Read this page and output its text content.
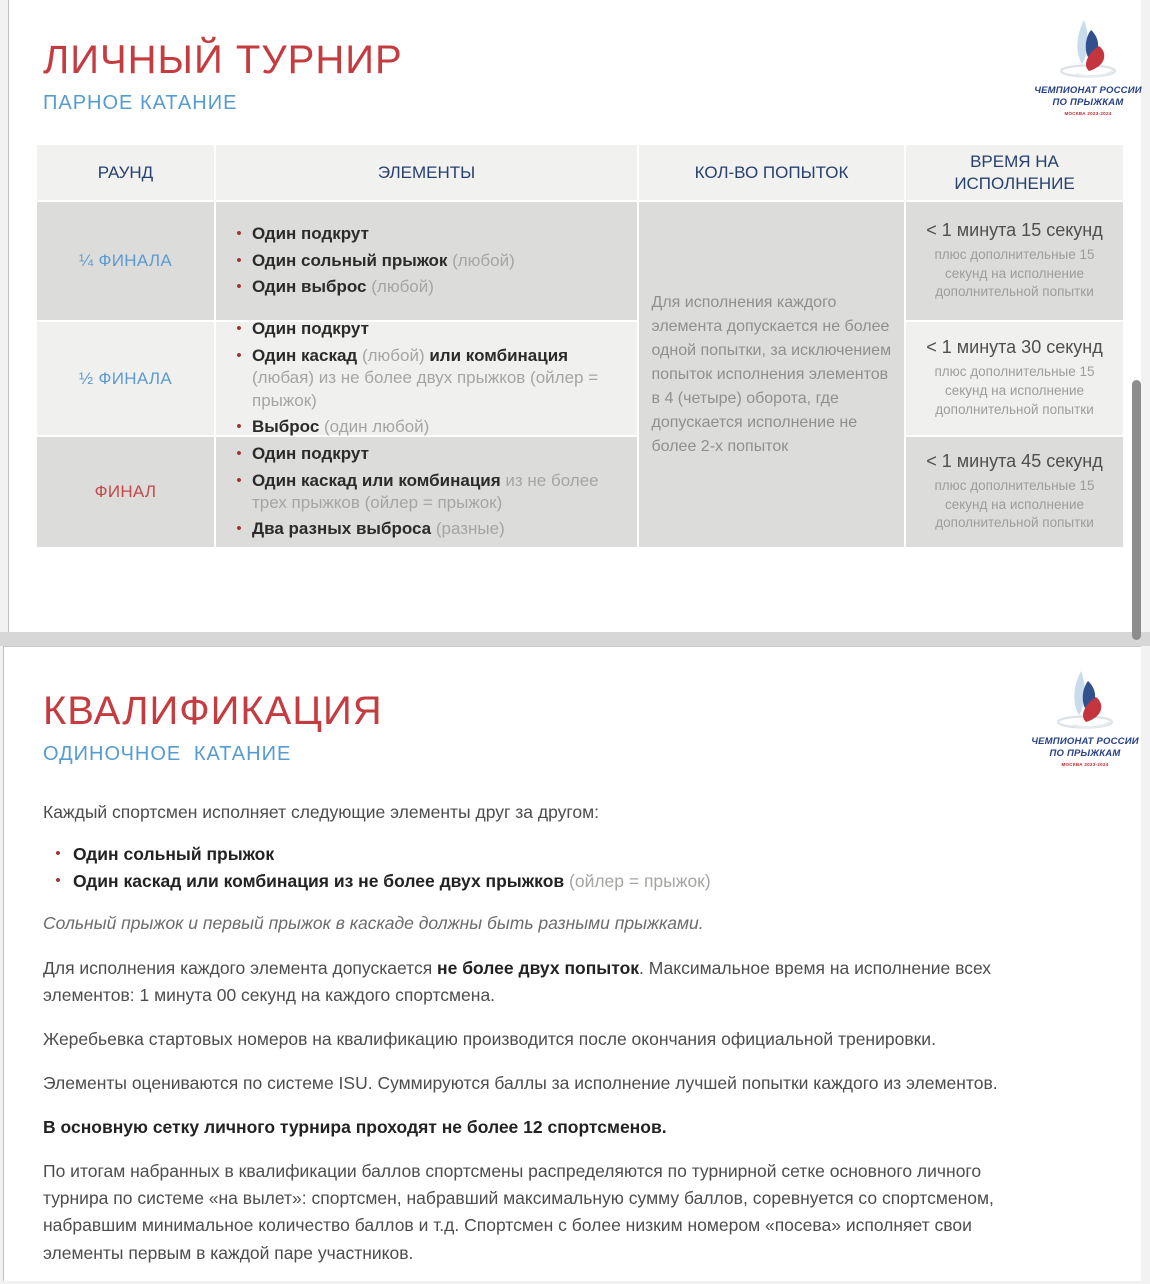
ЛИЧНЫЙ ТУРНИР
ПАРНОЕ КАТАНИЕ
ЧЕМПИОНАТ РОССИИ
ПО ПРЫЖКАМ
МОСКВА 2023-2024
РАУНД	ЭЛЕМЕНТЫ	КОЛ-ВО ПОПЫТОК
ВРЕМЯ НА ИСПОЛНЕНИЕ
¼ ФИНАЛА
• Один подкрут
• Один сольный прыжок (любой)
• Один выброс (любой)
Для исполнения каждого элемента допускается не более одной попытки, за исключением попыток исполнения элементов в 4 (четыре) оборота, где допускается исполнение не более 2-х попыток
< 1 минута 15 секунд
плюс дополнительные 15 секунд на исполнение дополнительной попытки
½ ФИНАЛА
• Один подкрут
• Один каскад (любой) или комбинация (любая) из не более двух прыжков (ойлер = прыжок)
• Выброс (один любой)
< 1 минута 30 секунд
плюс дополнительные 15 секунд на исполнение дополнительной попытки
ФИНАЛ
• Один подкрут
• Один каскад или комбинация из не более трех прыжков (ойлер = прыжок)
• Два разных выброса (разные)
< 1 минута 45 секунд
плюс дополнительные 15 секунд на исполнение дополнительной попытки
КВАЛИФИКАЦИЯ
ОДИНОЧНОЕ КАТАНИЕ
ЧЕМПИОНАТ РОССИИ
ПО ПРЫЖКАМ
МОСКВА 2023-2024

Каждый спортсмен исполняет следующие элементы друг за другом:

• Один сольный прыжок
• Один каскад или комбинация из не более двух прыжков (ойлер = прыжок)

Сольный прыжок и первый прыжок в каскаде должны быть разными прыжками.

Для исполнения каждого элемента допускается не более двух попыток. Максимальное время на исполнение всех элементов: 1 минута 00 секунд на каждого спортсмена.

Жеребьевка стартовых номеров на квалификацию производится после окончания официальной тренировки.

Элементы оцениваются по системе ISU. Суммируются баллы за исполнение лучшей попытки каждого из элементов.

В основную сетку личного турнира проходят не более 12 спортсменов.

По итогам набранных в квалификации баллов спортсмены распределяются по турнирной сетке основного личного турнира по системе «на вылет»: спортсмен, набравший максимальную сумму баллов, соревнуется со спортсменом, набравшим минимальное количество баллов и т.д. Спортсмен с более низким номером «посева» исполняет свои элементы первым в каждой паре участников.
